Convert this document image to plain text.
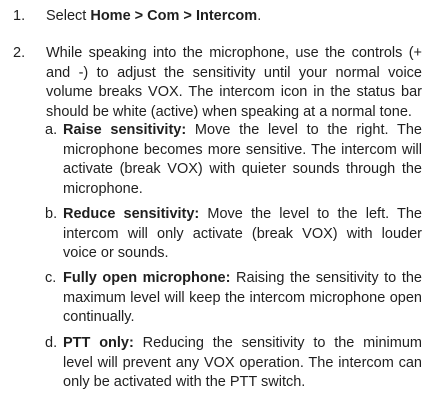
1.	Select Home > Com > Intercom.
2.	While speaking into the microphone, use the controls (+ and -) to adjust the sensitivity until your normal voice volume breaks VOX. The intercom icon in the status bar should be white (active) when speaking at a normal tone.
a. Raise sensitivity: Move the level to the right. The microphone becomes more sensitive. The intercom will activate (break VOX) with quieter sounds through the microphone.
b. Reduce sensitivity: Move the level to the left. The intercom will only activate (break VOX) with louder voice or sounds.
c. Fully open microphone: Raising the sensitivity to the maximum level will keep the intercom microphone open continually.
d. PTT only: Reducing the sensitivity to the minimum level will prevent any VOX operation. The intercom can only be activated with the PTT switch.
